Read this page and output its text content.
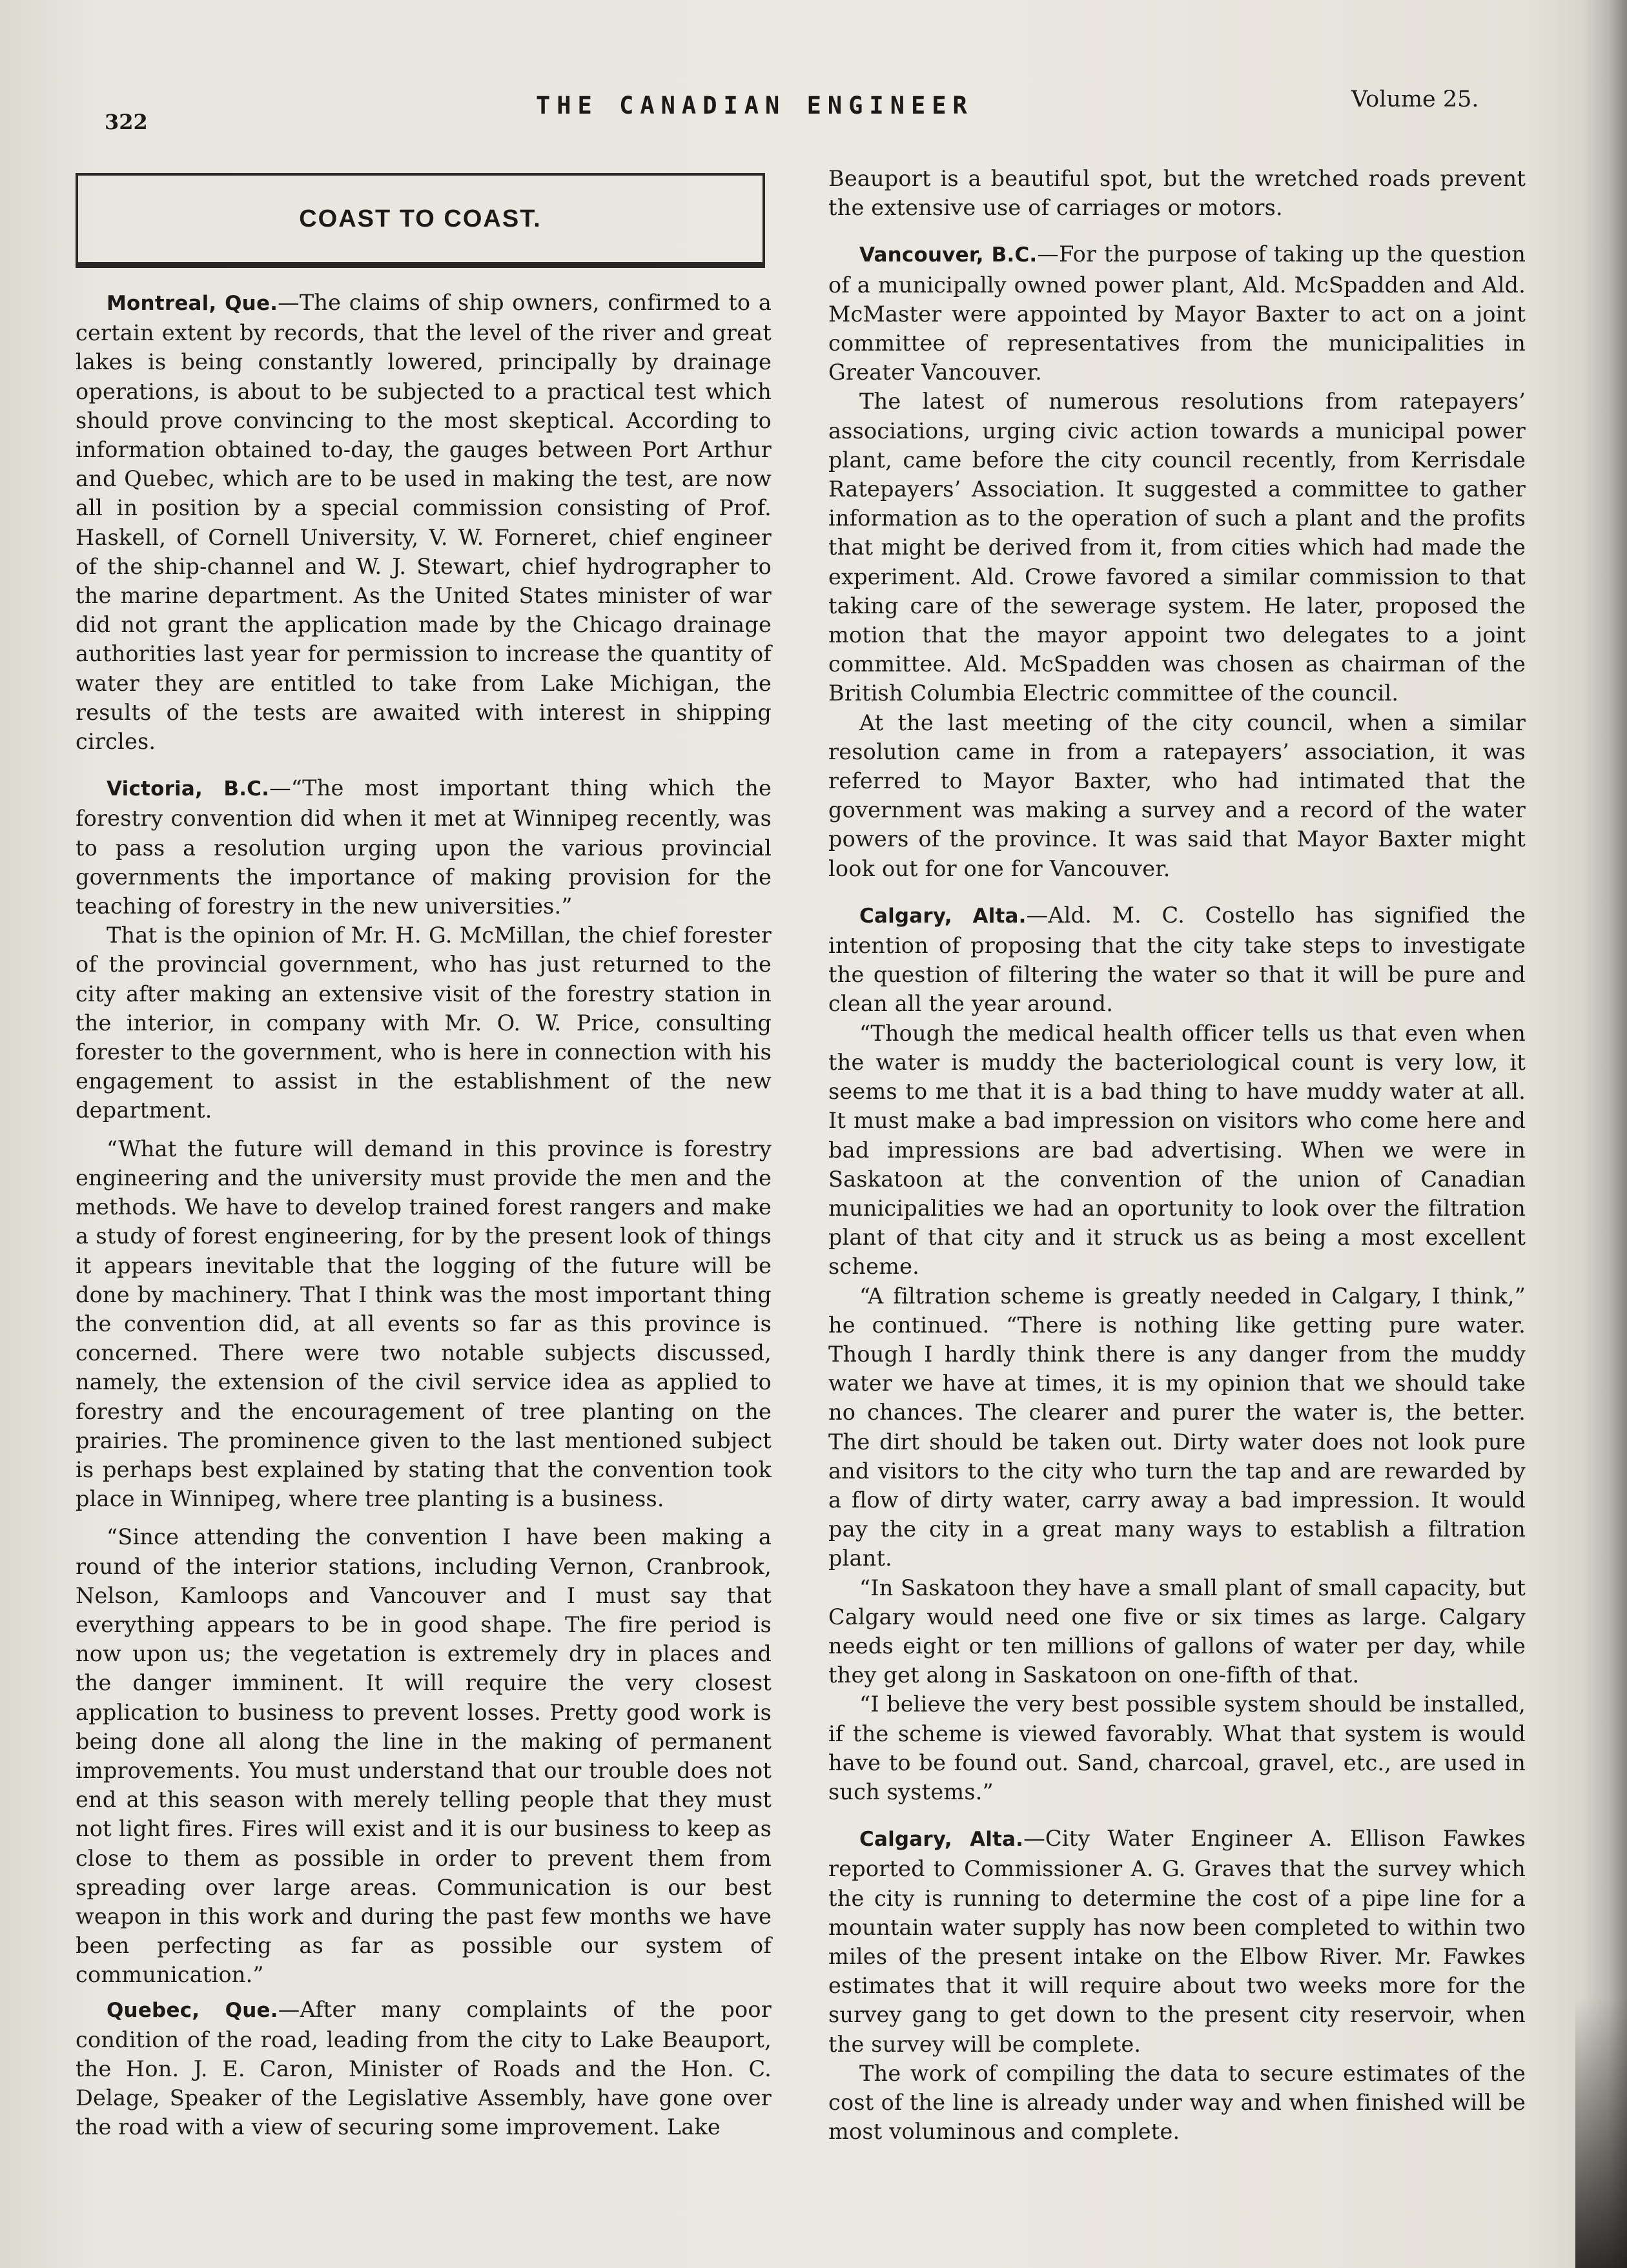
322
THE CANADIAN ENGINEER	Volume 25.
COAST TO COAST.

Montreal, Que.—The claims of ship owners, confirmed to a certain extent by records, that the level of the river and great lakes is being constantly lowered, principally by drainage operations, is about to be subjected to a practical test which should prove convincing to the most skeptical. According to information obtained to-day, the gauges between Port Arthur and Quebec, which are to be used in making the test, are now all in position by a special commission consisting of Prof. Haskell, of Cornell University, V. W. Forneret, chief engineer of the ship-channel and W. J. Stewart, chief hydrographer to the marine department. As the United States minister of war did not grant the application made by the Chicago drainage authorities last year for permission to increase the quantity of water they are entitled to take from Lake Michigan, the results of the tests are awaited with interest in shipping circles.

Victoria, B.C.—“The most important thing which the forestry convention did when it met at Winnipeg recently, was to pass a resolution urging upon the various provincial governments the importance of making provision for the teaching of forestry in the new universities.”

That is the opinion of Mr. H. G. McMillan, the chief forester of the provincial government, who has just returned to the city after making an extensive visit of the forestry station in the interior, in company with Mr. O. W. Price, consulting forester to the government, who is here in connection with his engagement to assist in the establishment of the new department.

“What the future will demand in this province is forestry engineering and the university must provide the men and the methods. We have to develop trained forest rangers and make a study of forest engineering, for by the present look of things it appears inevitable that the logging of the future will be done by machinery. That I think was the most important thing the convention did, at all events so far as this province is concerned. There were two notable subjects discussed, namely, the extension of the civil service idea as applied to forestry and the encouragement of tree planting on the prairies. The prominence given to the last mentioned subject is perhaps best explained by stating that the convention took place in Winnipeg, where tree planting is a business.

“Since attending the convention I have been making a round of the interior stations, including Vernon, Cranbrook, Nelson, Kamloops and Vancouver and I must say that everything appears to be in good shape. The fire period is now upon us; the vegetation is extremely dry in places and the danger imminent. It will require the very closest application to business to prevent losses. Pretty good work is being done all along the line in the making of permanent improvements. You must understand that our trouble does not end at this season with merely telling people that they must not light fires. Fires will exist and it is our business to keep as close to them as possible in order to prevent them from spreading over large areas. Communication is our best weapon in this work and during the past few months we have been perfecting as far as possible our system of communication.”

Quebec, Que.—After many complaints of the poor condition of the road, leading from the city to Lake Beauport, the Hon. J. E. Caron, Minister of Roads and the Hon. C. Delage, Speaker of the Legislative Assembly, have gone over the road with a view of securing some improvement. Lake

Beauport is a beautiful spot, but the wretched roads prevent the extensive use of carriages or motors.

Vancouver, B.C.—For the purpose of taking up the question of a municipally owned power plant, Ald. McSpadden and Ald. McMaster were appointed by Mayor Baxter to act on a joint committee of representatives from the municipalities in Greater Vancouver.

The latest of numerous resolutions from ratepayers’ associations, urging civic action towards a municipal power plant, came before the city council recently, from Kerrisdale Ratepayers’ Association. It suggested a committee to gather information as to the operation of such a plant and the profits that might be derived from it, from cities which had made the experiment. Ald. Crowe favored a similar commission to that taking care of the sewerage system. He later, proposed the motion that the mayor appoint two delegates to a joint committee. Ald. McSpadden was chosen as chairman of the British Columbia Electric committee of the council.

At the last meeting of the city council, when a similar resolution came in from a ratepayers’ association, it was referred to Mayor Baxter, who had intimated that the government was making a survey and a record of the water powers of the province. It was said that Mayor Baxter might look out for one for Vancouver.

Calgary, Alta.—Ald. M. C. Costello has signified the intention of proposing that the city take steps to investigate the question of filtering the water so that it will be pure and clean all the year around.

“Though the medical health officer tells us that even when the water is muddy the bacteriological count is very low, it seems to me that it is a bad thing to have muddy water at all. It must make a bad impression on visitors who come here and bad impressions are bad advertising. When we were in Saskatoon at the convention of the union of Canadian municipalities we had an oportunity to look over the filtration plant of that city and it struck us as being a most excellent scheme.

“A filtration scheme is greatly needed in Calgary, I think,” he continued. “There is nothing like getting pure water. Though I hardly think there is any danger from the muddy water we have at times, it is my opinion that we should take no chances. The clearer and purer the water is, the better. The dirt should be taken out. Dirty water does not look pure and visitors to the city who turn the tap and are rewarded by a flow of dirty water, carry away a bad impression. It would pay the city in a great many ways to establish a filtration plant.

“In Saskatoon they have a small plant of small capacity, but Calgary would need one five or six times as large. Calgary needs eight or ten millions of gallons of water per day, while they get along in Saskatoon on one-fifth of that.

“I believe the very best possible system should be installed, if the scheme is viewed favorably. What that system is would have to be found out. Sand, charcoal, gravel, etc., are used in such systems.”

Calgary, Alta.—City Water Engineer A. Ellison Fawkes reported to Commissioner A. G. Graves that the survey which the city is running to determine the cost of a pipe line for a mountain water supply has now been completed to within two miles of the present intake on the Elbow River. Mr. Fawkes estimates that it will require about two weeks more for the survey gang to get down to the present city reservoir, when the survey will be complete.

The work of compiling the data to secure estimates of the cost of the line is already under way and when finished will be most voluminous and complete.
